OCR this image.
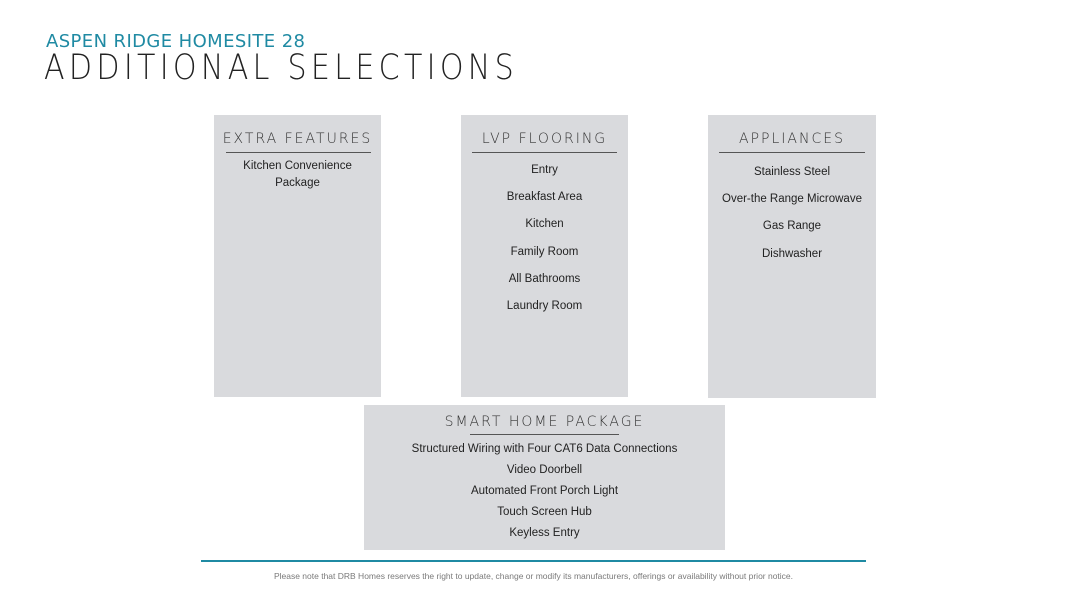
ASPEN RIDGE HOMESITE 28
ADDITIONAL SELECTIONS
EXTRA FEATURES
Kitchen Convenience
Package
LVP FLOORING
Entry
Breakfast Area
Kitchen
Family Room
All Bathrooms
Laundry Room
APPLIANCES
Stainless Steel
Over-the Range Microwave
Gas Range
Dishwasher
SMART HOME PACKAGE
Structured Wiring with Four CAT6 Data Connections
Video Doorbell
Automated Front Porch Light
Touch Screen Hub
Keyless Entry
Please note that DRB Homes reserves the right to update, change or modify its manufacturers, offerings or availability without prior notice.
